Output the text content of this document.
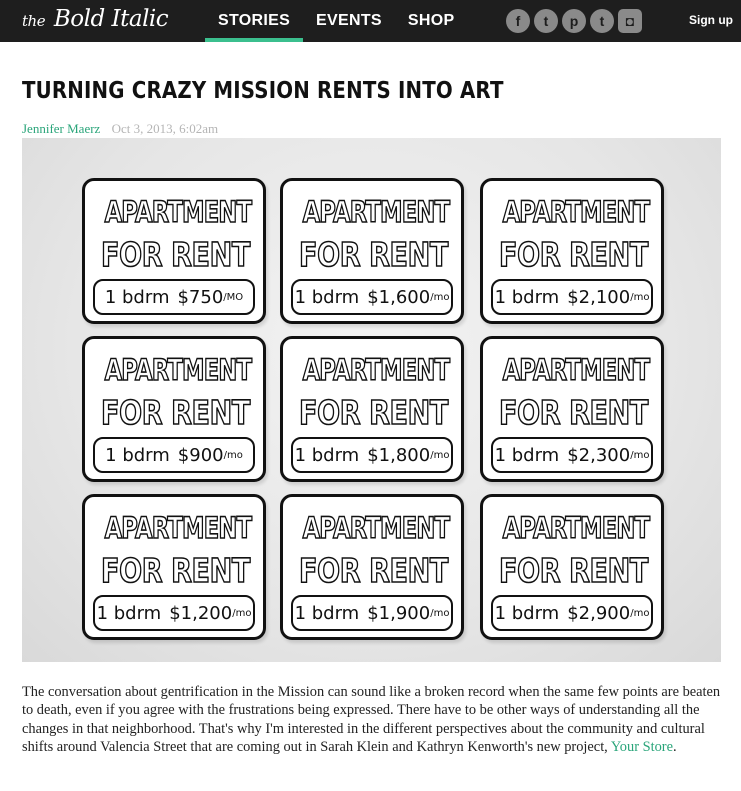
the Bold Italic	STORIES	EVENTS	SHOP	f	t	p	t	◘	Sign up
TURNING CRAZY MISSION RENTS INTO ART
Jennifer Maerz Oct 3, 2013, 6:02am
APARTMENT
FOR RENT
1 bdrm $750 /MO
APARTMENT
FOR RENT
1 bdrm $1,600 /mo
APARTMENT
FOR RENT
1 bdrm $2,100 /mo
APARTMENT
FOR RENT
1 bdrm $900 /mo
APARTMENT
FOR RENT
1 bdrm $1,800 /mo
APARTMENT
FOR RENT
1 bdrm $2,300 /mo
APARTMENT
FOR RENT
1 bdrm $1,200 /mo
APARTMENT
FOR RENT
1 bdrm $1,900 /mo
APARTMENT
FOR RENT
1 bdrm $2,900 /mo

The conversation about gentrification in the Mission can sound like a broken record when the same few points are beaten to death, even if you agree with the frustrations being expressed. There have to be other ways of understanding all the changes in that neighborhood. That's why I'm interested in the different perspectives about the community and cultural shifts around Valencia Street that are coming out in Sarah Klein and Kathryn Kenworth's new project, Your Store.
